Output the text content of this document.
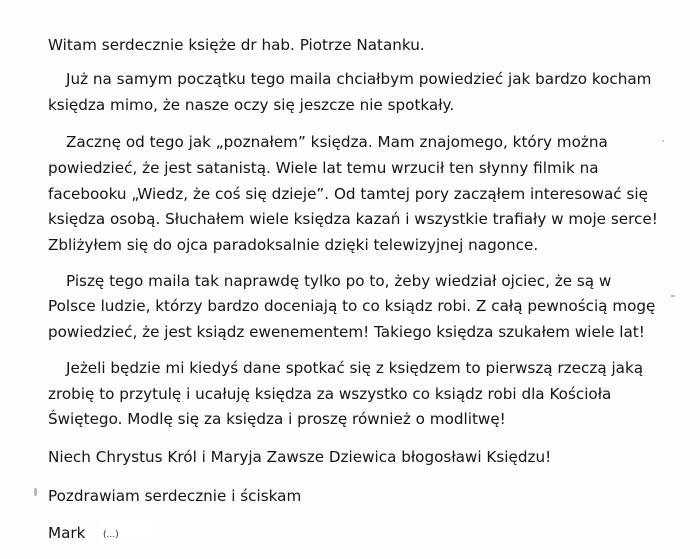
Witam serdecznie księże dr hab. Piotrze Natanku.
Już na samym początku tego maila chciałbym powiedzieć jak bardzo kocham
księdza mimo, że nasze oczy się jeszcze nie spotkały.
Zacznę od tego jak „poznałem” księdza. Mam znajomego, który można
powiedzieć, że jest satanistą. Wiele lat temu wrzucił ten słynny filmik na
facebooku „Wiedz, że coś się dzieje”. Od tamtej pory zacząłem interesować się
księdza osobą. Słuchałem wiele księdza kazań i wszystkie trafiały w moje serce!
Zbliżyłem się do ojca paradoksalnie dzięki telewizyjnej nagonce.
Piszę tego maila tak naprawdę tylko po to, żeby wiedział ojciec, że są w
Polsce ludzie, którzy bardzo doceniają to co ksiądz robi. Z całą pewnością mogę
powiedzieć, że jest ksiądz ewenementem! Takiego księdza szukałem wiele lat!
Jeżeli będzie mi kiedyś dane spotkać się z księdzem to pierwszą rzeczą jaką
zrobię to przytulę i ucałuję księdza za wszystko co ksiądz robi dla Kościoła
Świętego. Modlę się za księdza i proszę również o modlitwę!
Niech Chrystus Król i Maryja Zawsze Dziewica błogosławi Księdzu!
Pozdrawiam serdecznie i ściskam
Mark (...)
